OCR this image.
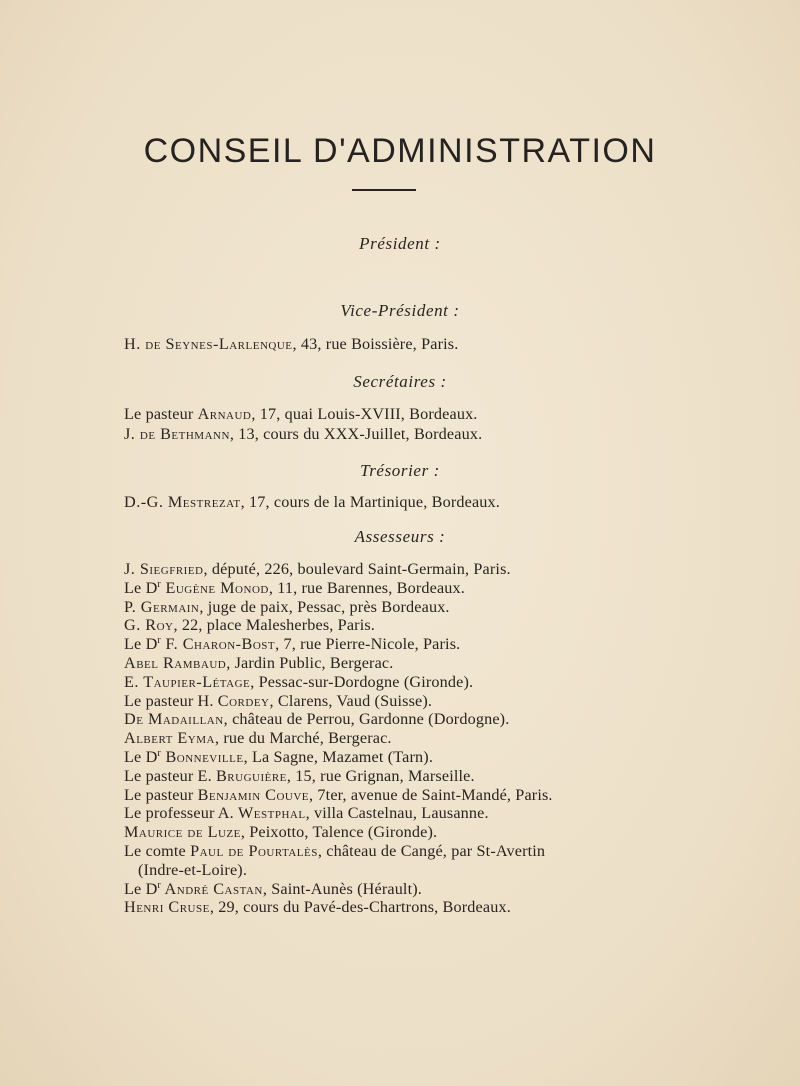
CONSEIL D'ADMINISTRATION
Président :
Vice-Président :
H. de Seynes-Larlenque, 43, rue Boissière, Paris.
Secrétaires :
Le pasteur Arnaud, 17, quai Louis-XVIII, Bordeaux.
J. de Bethmann, 13, cours du XXX-Juillet, Bordeaux.
Trésorier :
D.-G. Mestrezat, 17, cours de la Martinique, Bordeaux.
Assesseurs :
J. Siegfried, député, 226, boulevard Saint-Germain, Paris.
Le $D^r$ Eugène Monod, 11, rue Barennes, Bordeaux.
P. Germain, juge de paix, Pessac, près Bordeaux.
G. Roy, 22, place Malesherbes, Paris.
Le $D^r$ F. Charon-Bost, 7, rue Pierre-Nicole, Paris.
Abel Rambaud, Jardin Public, Bergerac.
E. Taupier-Létage, Pessac-sur-Dordogne (Gironde).
Le pasteur H. Cordey, Clarens, Vaud (Suisse).
De Madaillan, château de Perrou, Gardonne (Dordogne).
Albert Eyma, rue du Marché, Bergerac.
Le $D^r$ Bonneville, La Sagne, Mazamet (Tarn).
Le pasteur E. Bruguière, 15, rue Grignan, Marseille.
Le pasteur Benjamin Couve, 7ter, avenue de Saint-Mandé, Paris.
Le professeur A. Westphal, villa Castelnau, Lausanne.
Maurice de Luze, Peixotto, Talence (Gironde).
Le comte Paul de Pourtalès, château de Cangé, par St-Avertin
(Indre-et-Loire).
Le $D^r$ André Castan, Saint-Aunès (Hérault).
Henri Cruse, 29, cours du Pavé-des-Chartrons, Bordeaux.
